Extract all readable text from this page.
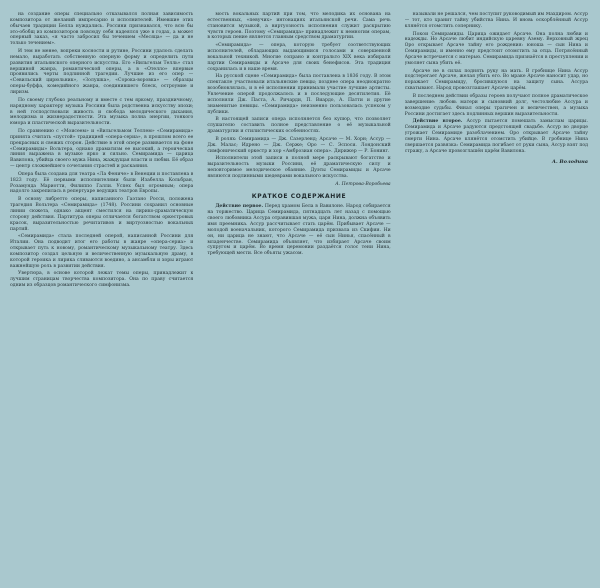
на создание оперы специально отказывался полная зависимость композитора от желаний импресарио и исполнителей. Имевшие этих обычаев традиции Белла нуждались. Россини признавался, что всю бы это-обобщ из композиторов повсюду себя надеялся уже в годах, а может оперный заказ, «я часто забросил бы течением «Месяца» — да и не только течением».

И тем не менее, вопреки косности и рутине, Россини удалось сделать немало, выработать собственную оперную форму и определить пути развития итальянского оперного искусства. Его «Вильгельм Телль» стал вершиной жанра, романтической оперы, а в «Отелло» впервые проявились черты подлинной трагедии. Лучшие из его опер — «Севильский цирюльник», «Золушка», «Сорока-воровка» — образцы оперы-буффа, комедийного жанра, соединившего блеск, остроумие и лиризм.

По своему глубоко реальному и вместе с тем яркому, праздничному, нарядному характеру музыка Россини была родственна искусству эпохи; в ней господствовали живость и свобода мелодического дыхания, мелодизма и жизнерадостности. Эта музыка полна энергии, тонкого юмора и пластической выразительности.

По сравнению с «Моисеем» и «Вильгельмом Теллем» «Семирамида» принята считать «пустой» традицией «опера-сериа», в прошлом всего ее прекрасных и свежих сторон. Действие в этой опере развивается на фоне «Семирамиды» Вольтера, однако драматизм ее высокий, а героическая линия выражена в музыке ярко и сильно. Семирамида — царица Вавилона, убийца своего мужа Нина, жаждущая власти и любви. Её образ — центр сложнейшего сочетания страстей и раскаяния.

Опера была создана для театра «Ла Фениче» в Венеции и поставлена в 1823 году. Её первыми исполнителями были Изабелла Кольбран, Розамунда Мариотти, Филиппо Галли. Успех был огромным; опера надолго закрепилась в репертуаре ведущих театров Европы.

В основу либретто оперы, написанного Гаэтано Росси, положена трагедия Вольтера «Семирамида» (1748). Россини сохранил основные линии сюжета, однако акцент сместился на лирико-драматическую сторону действия. Партитура оперы отличается богатством оркестровых красок, выразительностью речитативов и виртуозностью вокальных партий.

«Семирамида» стала последней оперой, написанной Россини для Италии. Она подводит итог его работы в жанре «опера-сериа» и открывает путь к новому, романтическому музыкальному театру. Здесь композитор создал цельную и величественную музыкальную драму, в которой героика и лирика сливаются воедино, а ансамбли и хоры играют важнейшую роль в развитии действия.

Увертюра, в основе которой лежат темы оперы, принадлежит к лучшим страницам творчества композитора. Она по праву считается одним из образцов романтического симфонизма.

мость вокальных партий при том, что мелодика их основана на естественных, «певучих» интонациях итальянской речи. Сама речь становится музыкой, а виртуозность исполнения служит раскрытию чувств героев. Поэтому «Семирамида» принадлежит к немногим операм, в которых пение является главным средством драматургии.

«Семирамида» — опера, которую требует соответствующих исполнителей, обладающих выдающимися голосами и совершенной вокальной техникой. Многие сопрано и контральто XIX века избирали партии Семирамиды и Арсаче для своих бенефисов. Эта традиция сохранилась и в наше время.

На русской сцене «Семирамида» была поставлена в 1836 году. В этом спектакле участвовали итальянские певцы; позднее опера неоднократно возобновлялась, и в её исполнении принимали участие лучшие артисты. Увлечение оперой продолжалось и в последующие десятилетия. Её исполняли Дж. Паста, А. Ричарди, П. Виардо, А. Патти и другие знаменитые певицы. «Семирамида» неизменно пользовалась успехом у публики.

В настоящей записи опера исполняется без купюр, что позволяет слушателю составить полное представление о её музыкальной драматургии и стилистических особенностях.

В ролях: Семирамида — Дж. Сазерленд; Арсаче — М. Хорн; Ассур — Дж. Малас; Идрено — Дж. Серже; Оро — С. Эспоси. Лондонский симфонический оркестр и хор «Амброзиан опера». Дирижер — Р. Бонинг.

Исполнители этой записи в полной мере раскрывают богатство и выразительность музыки Россини, её драматическую силу и неповторимое мелодическое обаяние. Дуэты Семирамиды и Арсаче являются подлинными шедеврами вокального искусства.

А. Петрова-Воробьева

КРАТКОЕ СОДЕРЖАНИЕ

Действие первое. Перед храмом Бела в Вавилоне. Народ собирается на торжество. Царица Семирамида, пятнадцать лет назад с помощью своего любовника Ассура отравившая мужа, царя Нина, должна объявить имя преемника. Ассур рассчитывает стать царём. Прибывает Арсаче — молодой военачальник, которого Семирамида призвала из Скифии. Ни он, ни царица не знают, что Арсаче — её сын Нинья, спасённый в младенчестве. Семирамида объявляет, что избирает Арсаче своим супругом и царём. Во время церемонии раздаётся голос тени Нина, требующей мести. Все объяты ужасом.

называли не решался, чем поступит руководимый им Махдиром. Ассур — тот, кто хранит тайну убийства Нина. И вновь оскорблённый Ассур клянётся отомстить сопернику.

Покои Семирамиды. Царица ожидает Арсаче. Она полна любви и надежды. Но Арсаче любит индийскую царевну Азему. Верховный жрец Оро открывает Арсаче тайну его рождения: юноша — сын Нина и Семирамиды, и именно ему предстоит отомстить за отца. Потрясённый Арсаче встречается с матерью. Семирамида признаётся в преступлении и умоляет сына убить её.

Арсаче не в силах поднять руку на мать. В гробнице Нина Ассур подстерегает Арсаче, желая убить его. Во мраке Арсаче наносит удар, но поражает Семирамиду, бросившуюся на защиту сына. Ассура схватывают. Народ провозглашает Арсаче царём.

В последнем действии образы героев получают полное драматическое завершение: любовь матери и сыновний долг, честолюбие Ассура и возмездие судьбы. Финал оперы трагичен и величествен, а музыка Россини достигает здесь подлинных вершин выразительности.

Действие второе. Ассур пытается помешать замыслам царицы. Семирамида и Арсаче радуются предстоящей свадьбе. Ассур во дворце угрожает Семирамиде разоблачением. Оро открывает Арсаче тайну смерти Нина. Арсаче клянётся отомстить убийце. В гробнице Нина свершается развязка: Семирамида погибает от руки сына, Ассур взят под стражу, а Арсаче провозглашён царём Вавилона.

А. Володина
